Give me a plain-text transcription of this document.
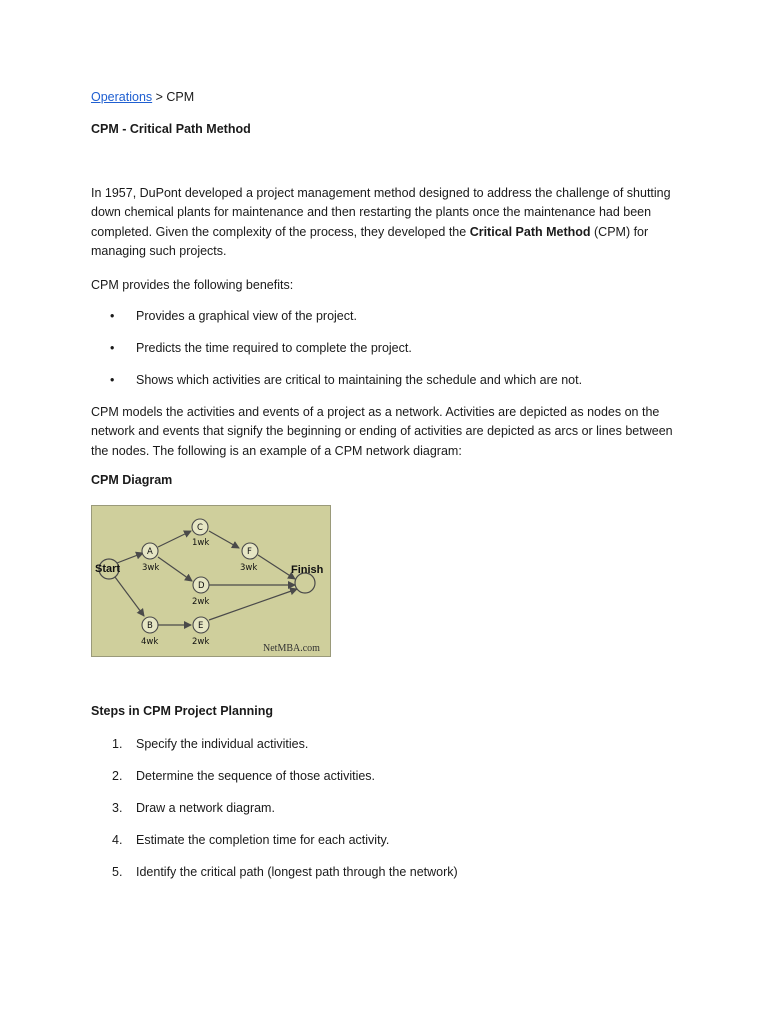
Operations > CPM
CPM - Critical Path Method
In 1957, DuPont developed a project management method designed to address the challenge of shutting down chemical plants for maintenance and then restarting the plants once the maintenance had been completed. Given the complexity of the process, they developed the Critical Path Method (CPM) for managing such projects.
CPM provides the following benefits:
• Provides a graphical view of the project.
• Predicts the time required to complete the project.
• Shows which activities are critical to maintaining the schedule and which are not.
CPM models the activities and events of a project as a network. Activities are depicted as nodes on the network and events that signify the beginning or ending of activities are depicted as arcs or lines between the nodes. The following is an example of a CPM network diagram:
CPM Diagram
Start	Finish
A
3wk
B
4wk
C
1wk
D
2wk
E
2wk
F
3wk
NetMBA.com
Steps in CPM Project Planning
1. Specify the individual activities.
2. Determine the sequence of those activities.
3. Draw a network diagram.
4. Estimate the completion time for each activity.
5. Identify the critical path (longest path through the network)
